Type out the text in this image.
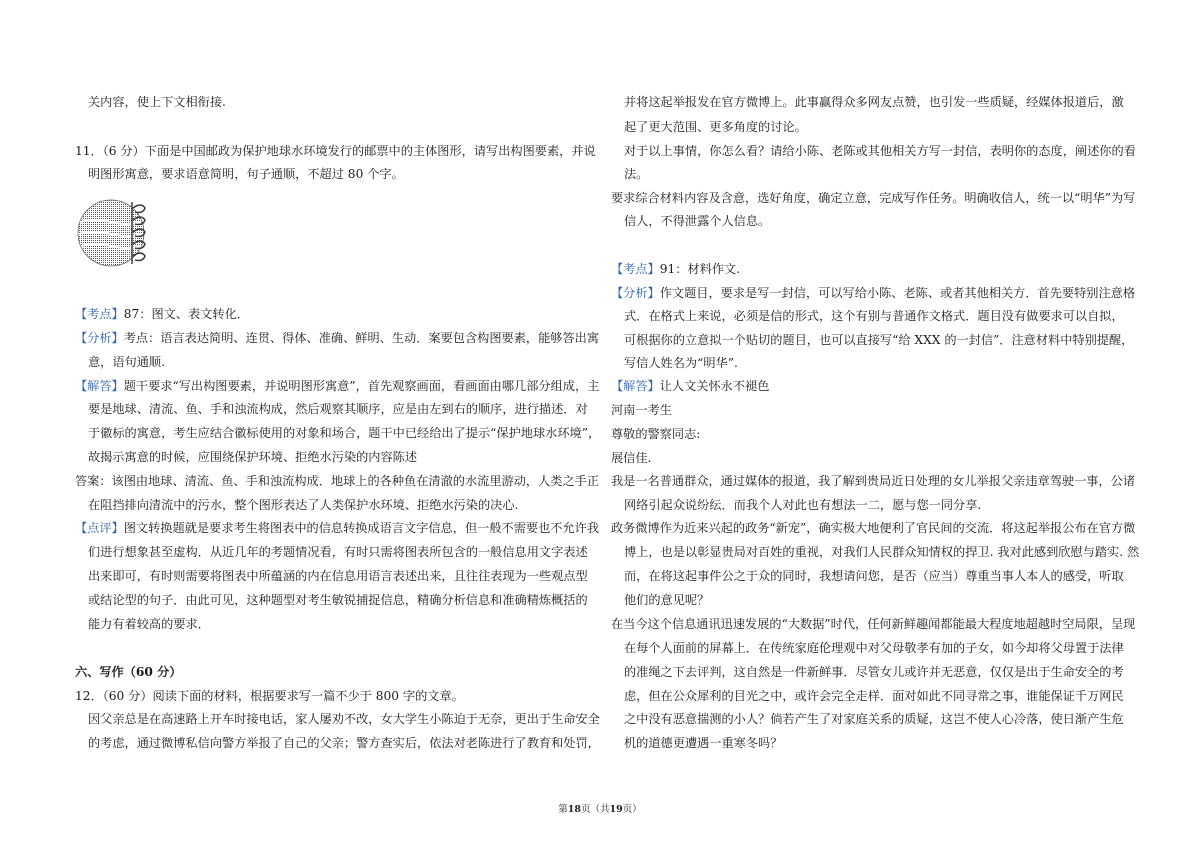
关内容，使上下文相衔接.
11．（6 分）下面是中国邮政为保护地球水环境发行的邮票中的主体图形，请写出构图要素，并说
明图形寓意，要求语意简明，句子通顺，不超过 80 个字。
【考点】87：图文、表文转化．
【分析】考点：语言表达简明、连贯、得体、准确、鲜明、生动．案要包含构图要素，能够答出寓
意，语句通顺.
【解答】题干要求“写出构图要素，并说明图形寓意”，首先观察画面，看画面由哪几部分组成，主
要是地球、清流、鱼、手和浊流构成，然后观察其顺序，应是由左到右的顺序，进行描述．对
于徽标的寓意，考生应结合徽标使用的对象和场合，题干中已经给出了提示“保护地球水环境”，
故揭示寓意的时候，应围绕保护环境、拒绝水污染的内容陈述
答案：该图由地球、清流、鱼、手和浊流构成．地球上的各种鱼在清澈的水流里游动，人类之手正
在阻挡排向清流中的污水，整个图形表达了人类保护水环境、拒绝水污染的决心.
【点评】图文转换题就是要求考生将图表中的信息转换成语言文字信息，但一般不需要也不允许我
们进行想象甚至虚构．从近几年的考题情况看，有时只需将图表所包含的一般信息用文字表述
出来即可，有时则需要将图表中所蕴涵的内在信息用语言表述出来，且往往表现为一些观点型
或结论型的句子．由此可见，这种题型对考生敏锐捕捉信息，精确分析信息和准确精炼概括的
能力有着较高的要求．
六、写作（60 分）
12．（60 分）阅读下面的材料，根据要求写一篇不少于 800 字的文章。
因父亲总是在高速路上开车时接电话，家人屡劝不改，女大学生小陈迫于无奈，更出于生命安全
的考虑，通过微博私信向警方举报了自己的父亲；警方查实后，依法对老陈进行了教育和处罚，
并将这起举报发在官方微博上。此事赢得众多网友点赞，也引发一些质疑，经媒体报道后，激
起了更大范围、更多角度的讨论。
对于以上事情，你怎么看？请给小陈、老陈或其他相关方写一封信，表明你的态度，阐述你的看
法。
要求综合材料内容及含意，选好角度，确定立意，完成写作任务。明确收信人，统一以“明华”为写
信人，不得泄露个人信息。
【考点】91：材料作文.
【分析】作文题目，要求是写一封信，可以写给小陈、老陈、或者其他相关方．首先要特别注意格
式．在格式上来说，必须是信的形式，这个有别与普通作文格式．题目没有做要求可以自拟，
可根据你的立意拟一个贴切的题目，也可以直接写“给 XXX 的一封信”．注意材料中特别提醒，
写信人姓名为“明华”.
【解答】让人文关怀永不褪色
河南一考生
尊敬的警察同志:
展信佳.
我是一名普通群众，通过媒体的报道，我了解到贵局近日处理的女儿举报父亲违章驾驶一事，公诸
网络引起众说纷纭．而我个人对此也有想法一二，愿与您一同分享.
政务微博作为近来兴起的政务“新宠”，确实极大地便利了官民间的交流．将这起举报公布在官方微
博上，也是以彰显贵局对百姓的重视，对我们人民群众知情权的捍卫. 我对此感到欣慰与踏实. 然
而，在将这起事件公之于众的同时，我想请问您，是否（应当）尊重当事人本人的感受，听取
他们的意见呢？
在当今这个信息通讯迅速发展的“大数据”时代，任何新鲜趣闻都能最大程度地超越时空局限，呈现
在每个人面前的屏幕上．在传统家庭伦理观中对父母敬孝有加的子女，如今却将父母置于法律
的准绳之下去评判，这自然是一件新鲜事．尽管女儿或许并无恶意，仅仅是出于生命安全的考
虑，但在公众犀利的目光之中，或许会完全走样．面对如此不同寻常之事，谁能保证千万网民
之中没有恶意揣测的小人？倘若产生了对家庭关系的质疑，这岂不使人心冷落，使日渐产生危
机的道德更遭遇一重寒冬吗？
第18页（共19页）
